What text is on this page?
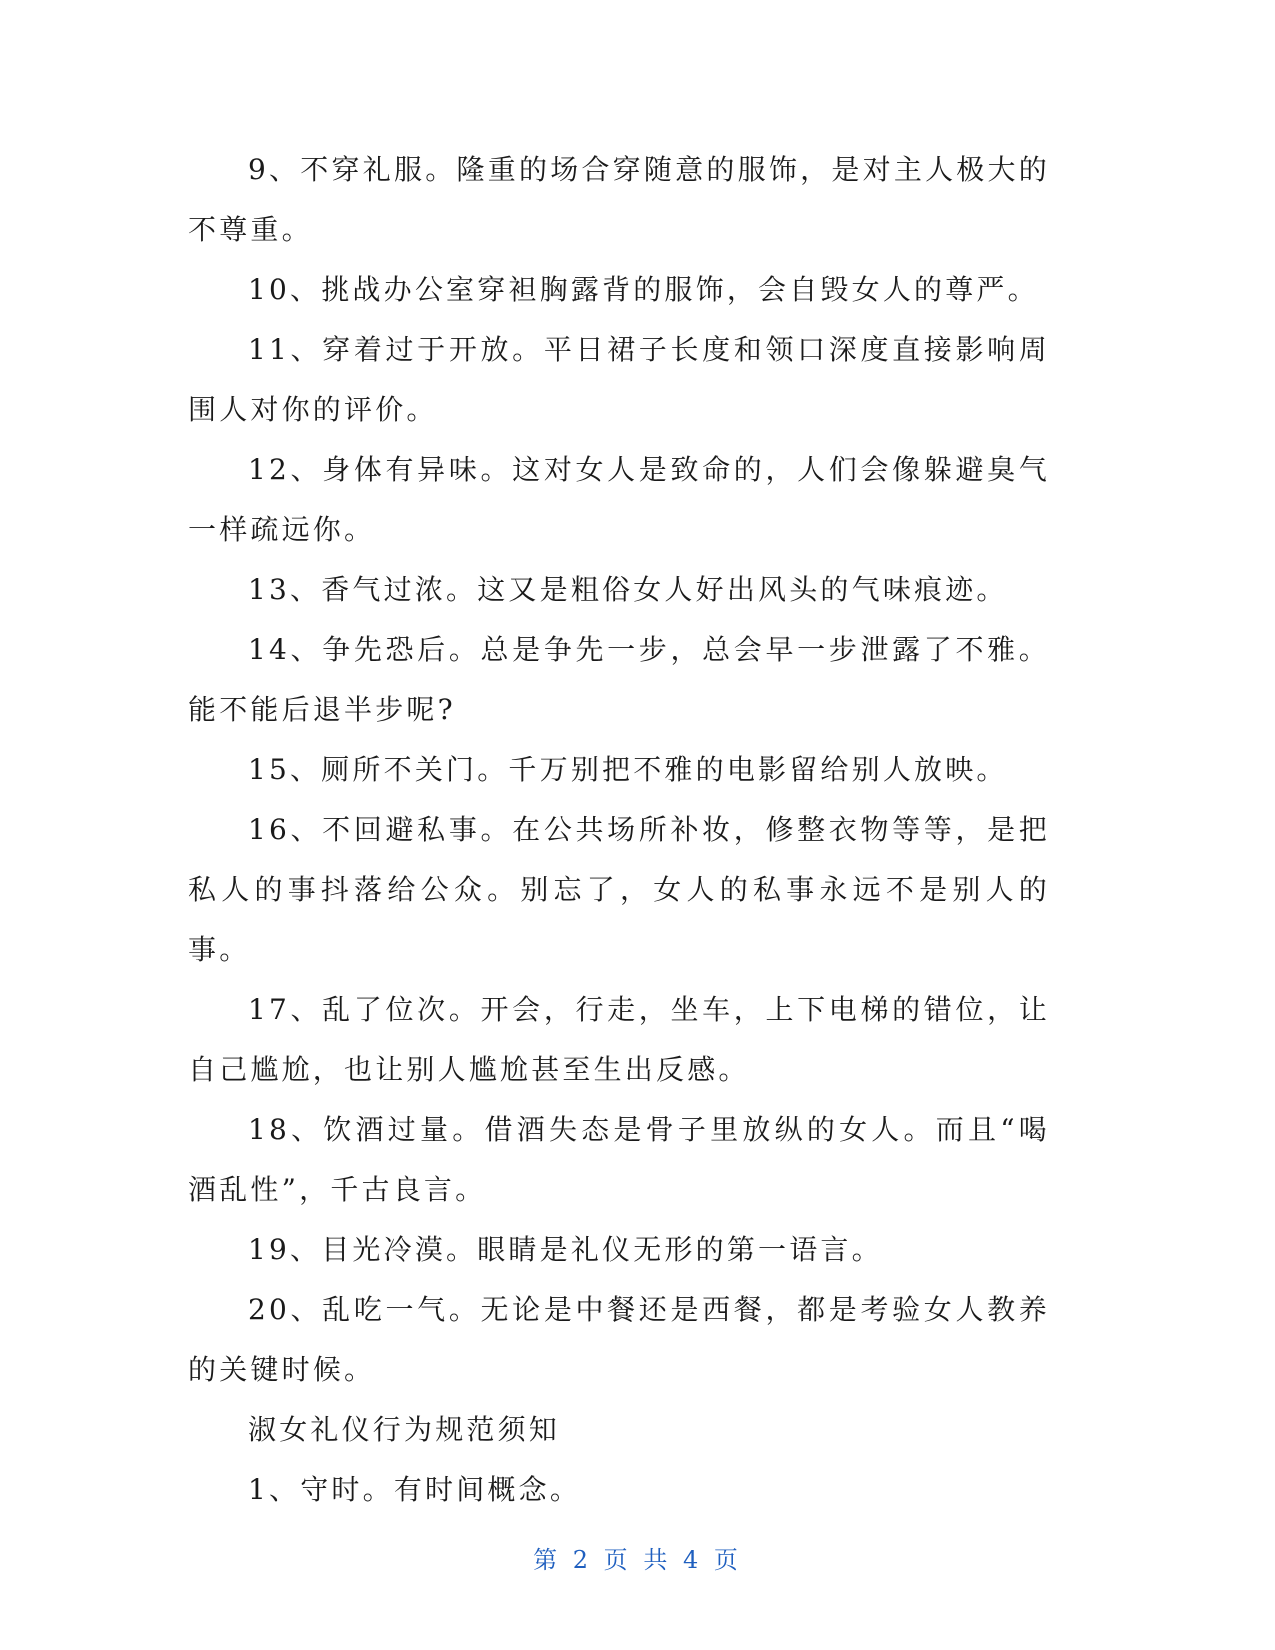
9、不穿礼服。隆重的场合穿随意的服饰，是对主人极大的不尊重。

10、挑战办公室穿袒胸露背的服饰，会自毁女人的尊严。

11、穿着过于开放。平日裙子长度和领口深度直接影响周围人对你的评价。

12、身体有异味。这对女人是致命的，人们会像躲避臭气一样疏远你。

13、香气过浓。这又是粗俗女人好出风头的气味痕迹。

14、争先恐后。总是争先一步，总会早一步泄露了不雅。能不能后退半步呢?

15、厕所不关门。千万别把不雅的电影留给别人放映。

16、不回避私事。在公共场所补妆，修整衣物等等，是把私人的事抖落给公众。别忘了，女人的私事永远不是别人的事。

17、乱了位次。开会，行走，坐车，上下电梯的错位，让自己尴尬，也让别人尴尬甚至生出反感。

18、饮酒过量。借酒失态是骨子里放纵的女人。而且“喝酒乱性”，千古良言。

19、目光冷漠。眼睛是礼仪无形的第一语言。

20、乱吃一气。无论是中餐还是西餐，都是考验女人教养的关键时候。

淑女礼仪行为规范须知

1、守时。有时间概念。

第 2 页 共 4 页
